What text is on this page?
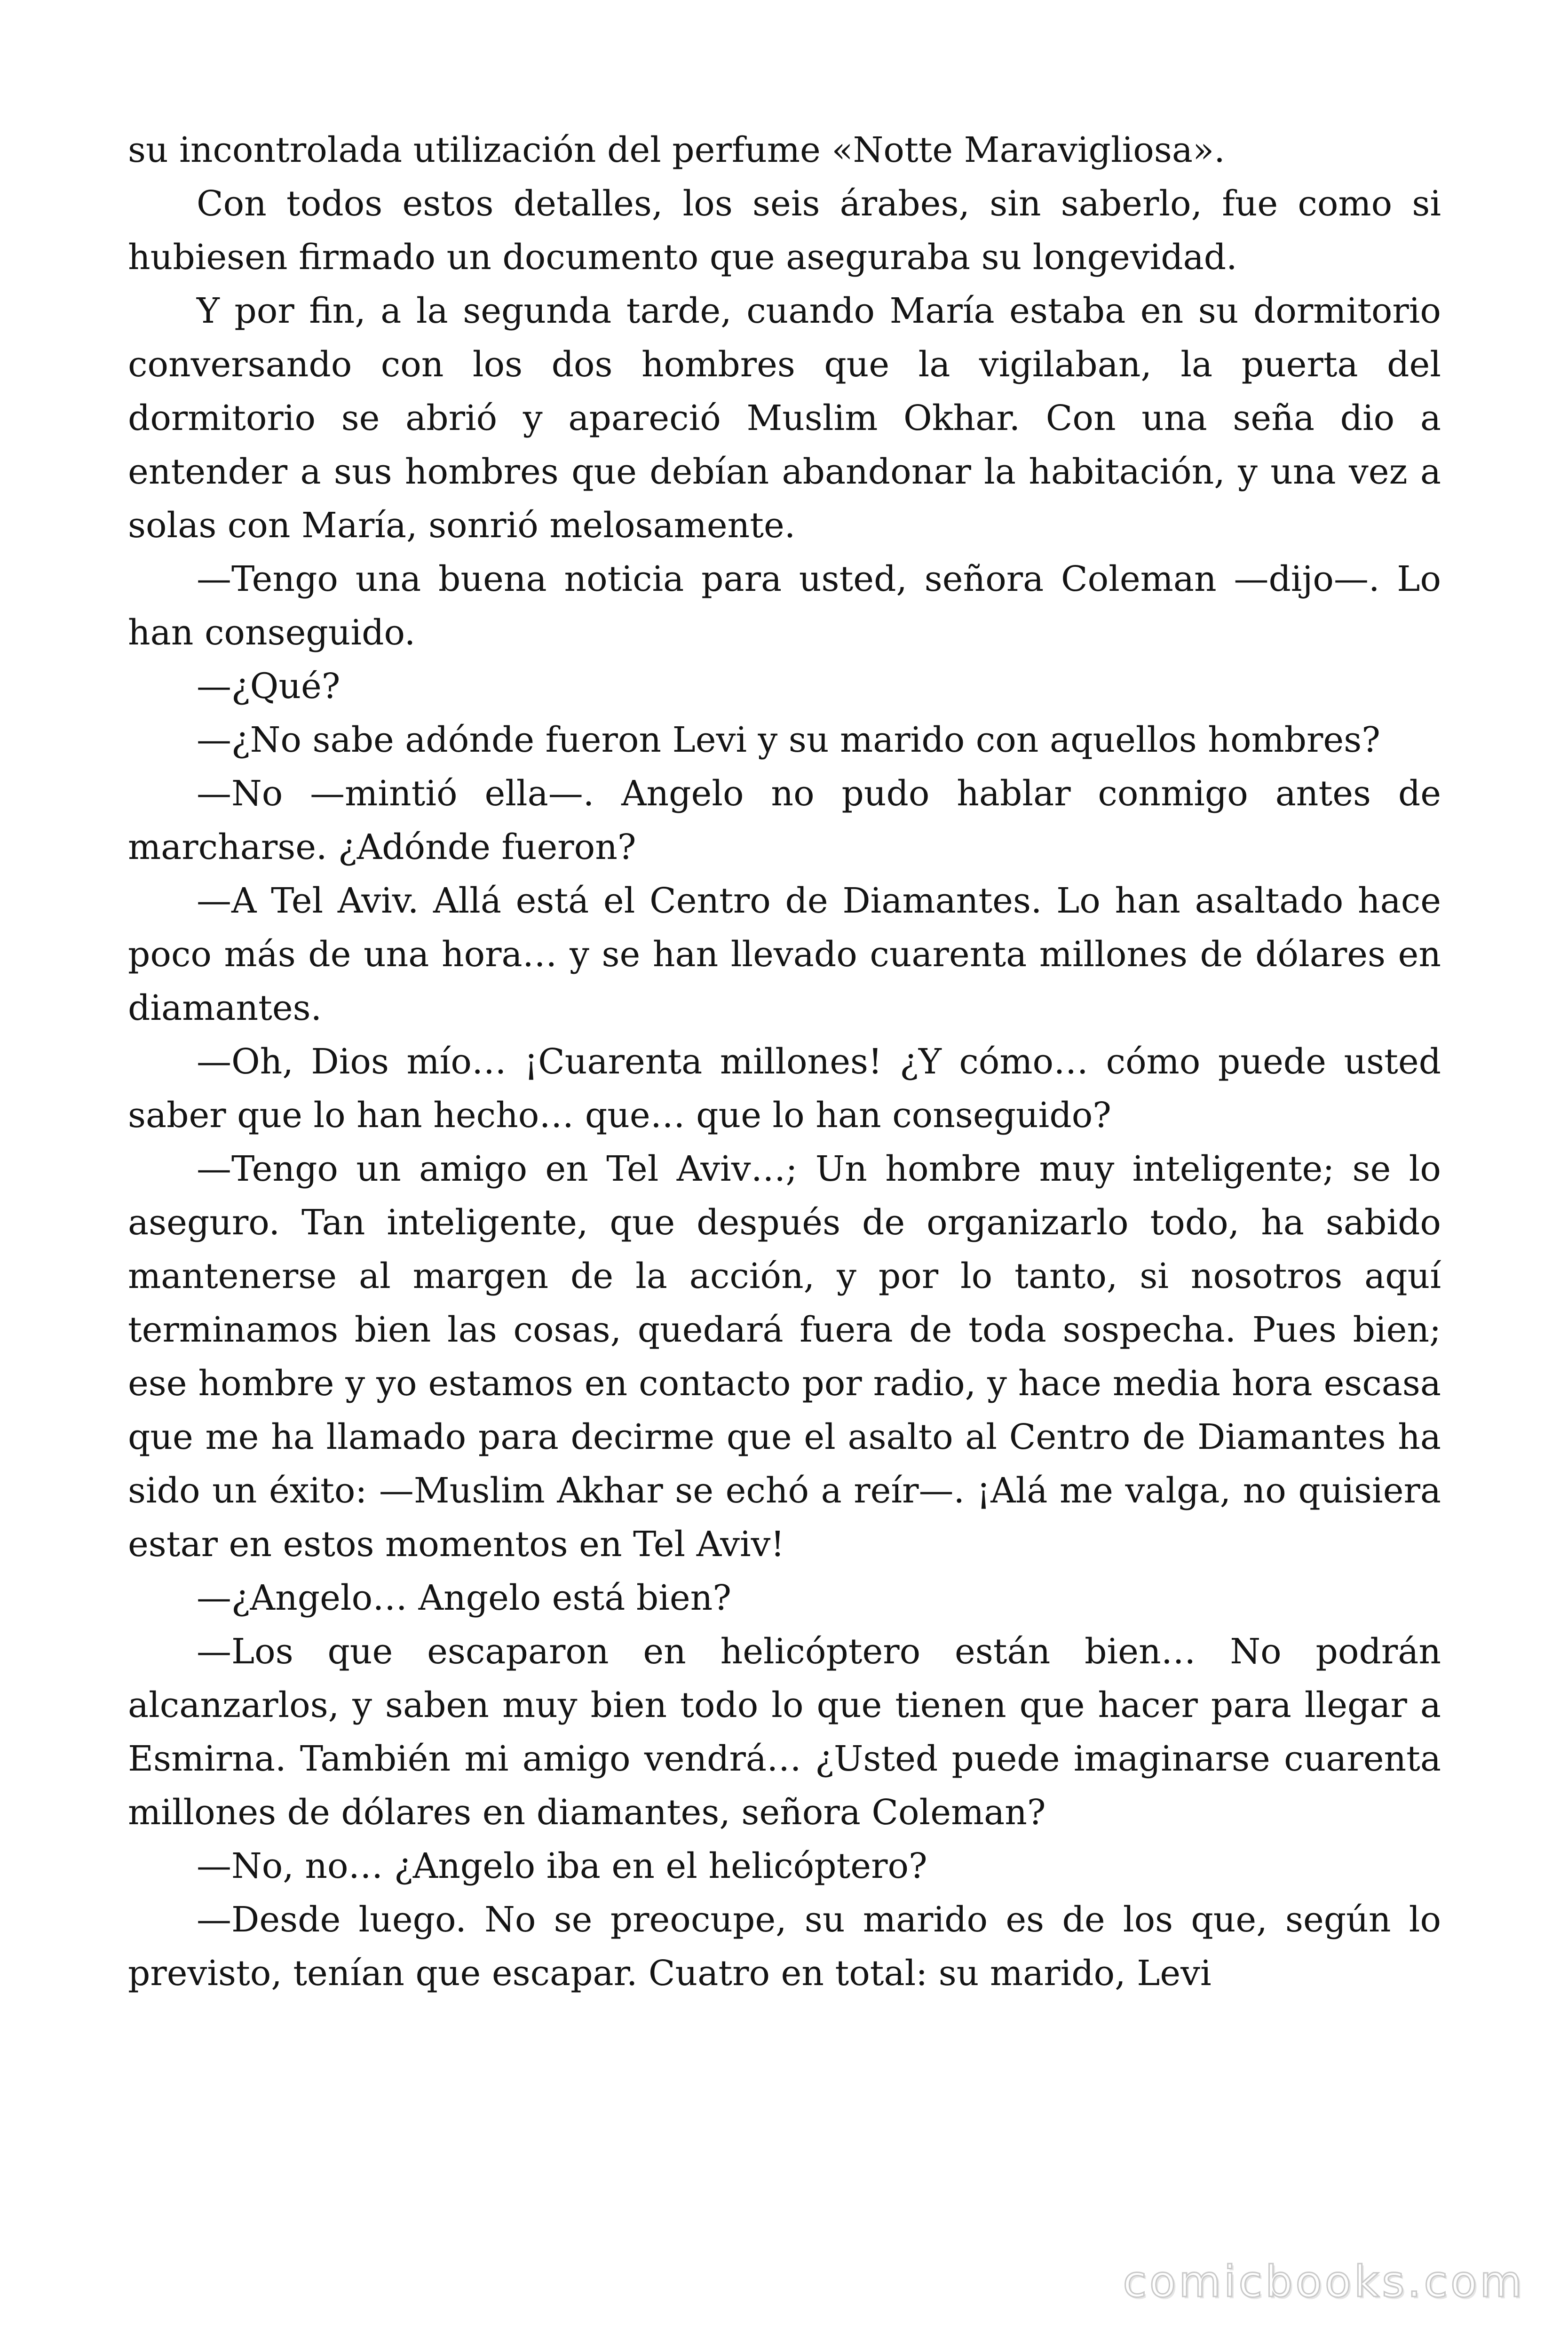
su incontrolada utilización del perfume «Notte Maravigliosa».

Con todos estos detalles, los seis árabes, sin saberlo, fue como si hubiesen firmado un documento que aseguraba su longevidad.

Y por fin, a la segunda tarde, cuando María estaba en su dormitorio conversando con los dos hombres que la vigilaban, la puerta del dormitorio se abrió y apareció Muslim Okhar. Con una seña dio a entender a sus hombres que debían abandonar la habitación, y una vez a solas con María, sonrió melosamente.

—Tengo una buena noticia para usted, señora Coleman —dijo—. Lo han conseguido.

—¿Qué?

—¿No sabe adónde fueron Levi y su marido con aquellos hombres?

—No —mintió ella—. Angelo no pudo hablar conmigo antes de marcharse. ¿Adónde fueron?

—A Tel Aviv. Allá está el Centro de Diamantes. Lo han asaltado hace poco más de una hora… y se han llevado cuarenta millones de dólares en diamantes.

—Oh, Dios mío… ¡Cuarenta millones! ¿Y cómo… cómo puede usted saber que lo han hecho… que… que lo han conseguido?

—Tengo un amigo en Tel Aviv…; Un hombre muy inteligente; se lo aseguro. Tan inteligente, que después de organizarlo todo, ha sabido mantenerse al margen de la acción, y por lo tanto, si nosotros aquí terminamos bien las cosas, quedará fuera de toda sospecha. Pues bien; ese hombre y yo estamos en contacto por radio, y hace media hora escasa que me ha llamado para decirme que el asalto al Centro de Diamantes ha sido un éxito: —Muslim Akhar se echó a reír—. ¡Alá me valga, no quisiera estar en estos momentos en Tel Aviv!

—¿Angelo… Angelo está bien?

—Los que escaparon en helicóptero están bien… No podrán alcanzarlos, y saben muy bien todo lo que tienen que hacer para llegar a Esmirna. También mi amigo vendrá… ¿Usted puede imaginarse cuarenta millones de dólares en diamantes, señora Coleman?

—No, no… ¿Angelo iba en el helicóptero?

—Desde luego. No se preocupe, su marido es de los que, según lo previsto, tenían que escapar. Cuatro en total: su marido, Levi

comicbooks.com
